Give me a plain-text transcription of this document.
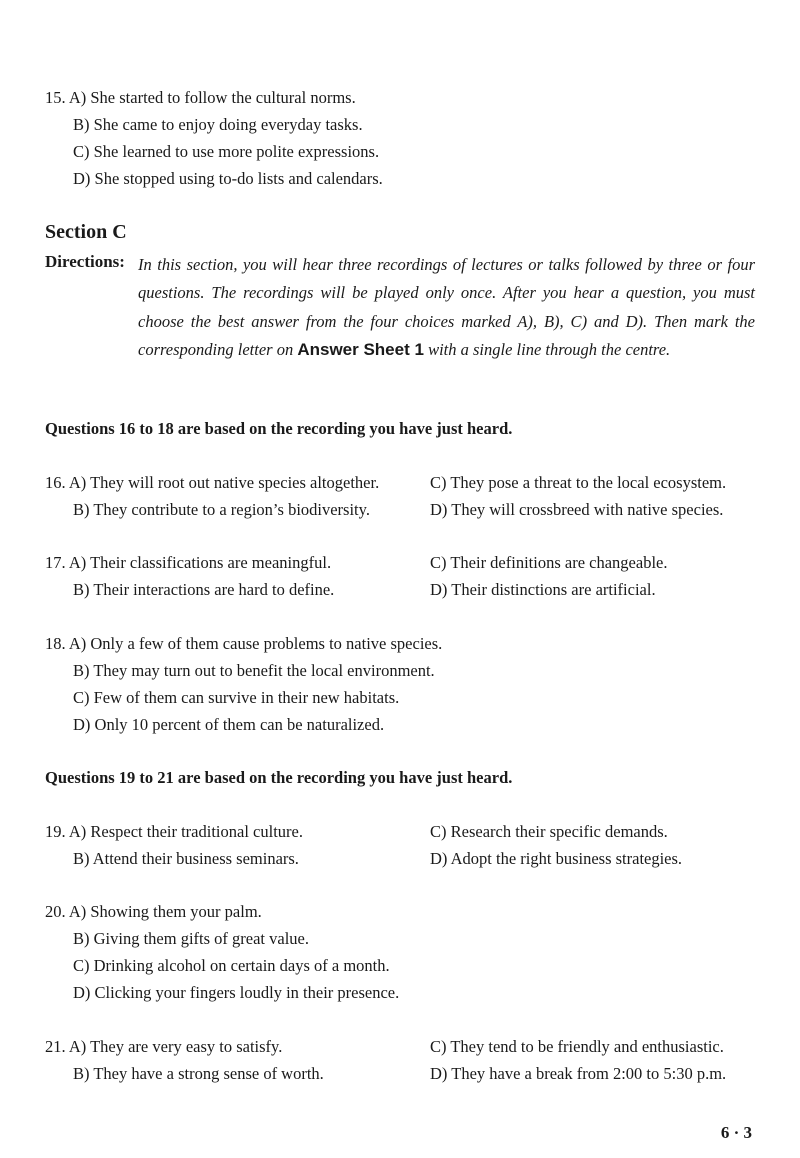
15. A) She started to follow the cultural norms.
B) She came to enjoy doing everyday tasks.
C) She learned to use more polite expressions.
D) She stopped using to-do lists and calendars.
Section C
Directions: In this section, you will hear three recordings of lectures or talks followed by three or four questions. The recordings will be played only once. After you hear a question, you must choose the best answer from the four choices marked A), B), C) and D). Then mark the corresponding letter on Answer Sheet 1 with a single line through the centre.
Questions 16 to 18 are based on the recording you have just heard.
16. A) They will root out native species altogether.	C) They pose a threat to the local ecosystem.
B) They contribute to a region’s biodiversity.	D) They will crossbreed with native species.
17. A) Their classifications are meaningful.	C) Their definitions are changeable.
B) Their interactions are hard to define.	D) Their distinctions are artificial.
18. A) Only a few of them cause problems to native species.
B) They may turn out to benefit the local environment.
C) Few of them can survive in their new habitats.
D) Only 10 percent of them can be naturalized.
Questions 19 to 21 are based on the recording you have just heard.
19. A) Respect their traditional culture.	C) Research their specific demands.
B) Attend their business seminars.	D) Adopt the right business strategies.
20. A) Showing them your palm.
B) Giving them gifts of great value.
C) Drinking alcohol on certain days of a month.
D) Clicking your fingers loudly in their presence.
21. A) They are very easy to satisfy.	C) They tend to be friendly and enthusiastic.
B) They have a strong sense of worth.	D) They have a break from 2:00 to 5:30 p.m.
6 · 3
